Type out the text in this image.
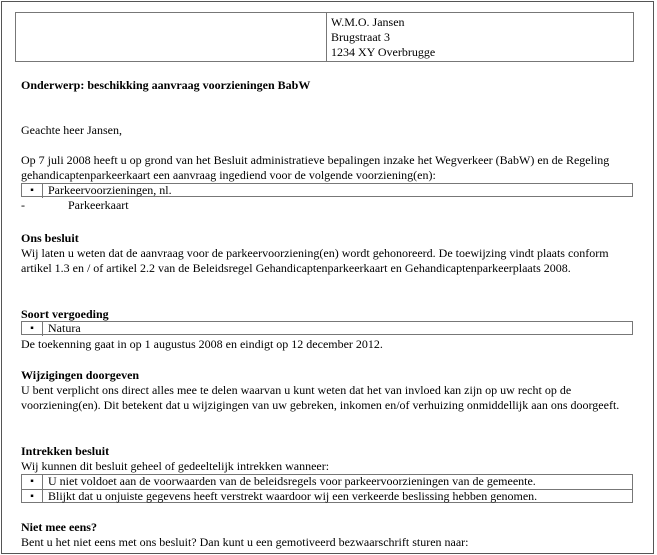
W.M.O. Jansen
Brugstraat 3
1234 XY Overbrugge
Onderwerp: beschikking aanvraag voorzieningen BabW
Geachte heer Jansen,
Op 7 juli 2008 heeft u op grond van het Besluit administratieve bepalingen inzake het Wegverkeer (BabW) en de Regeling gehandicaptenparkeerkaart een aanvraag ingediend voor de volgende voorziening(en):
▪	Parkeervoorzieningen, nl.
-	Parkeerkaart
Ons besluit
Wij laten u weten dat de aanvraag voor de parkeervoorziening(en) wordt gehonoreerd. De toewijzing vindt plaats conform artikel 1.3 en / of artikel 2.2 van de Beleidsregel Gehandicaptenparkeerkaart en Gehandicaptenparkeerplaats 2008.
Soort vergoeding
▪	Natura
De toekenning gaat in op 1 augustus 2008 en eindigt op 12 december 2012.
Wijzigingen doorgeven
U bent verplicht ons direct alles mee te delen waarvan u kunt weten dat het van invloed kan zijn op uw recht op de voorziening(en). Dit betekent dat u wijzigingen van uw gebreken, inkomen en/of verhuizing onmiddellijk aan ons doorgeeft.
Intrekken besluit
Wij kunnen dit besluit geheel of gedeeltelijk intrekken wanneer:
▪	U niet voldoet aan de voorwaarden van de beleidsregels voor parkeervoorzieningen van de gemeente.
▪	Blijkt dat u onjuiste gegevens heeft verstrekt waardoor wij een verkeerde beslissing hebben genomen.
Niet mee eens?
Bent u het niet eens met ons besluit? Dan kunt u een gemotiveerd bezwaarschrift sturen naar:
